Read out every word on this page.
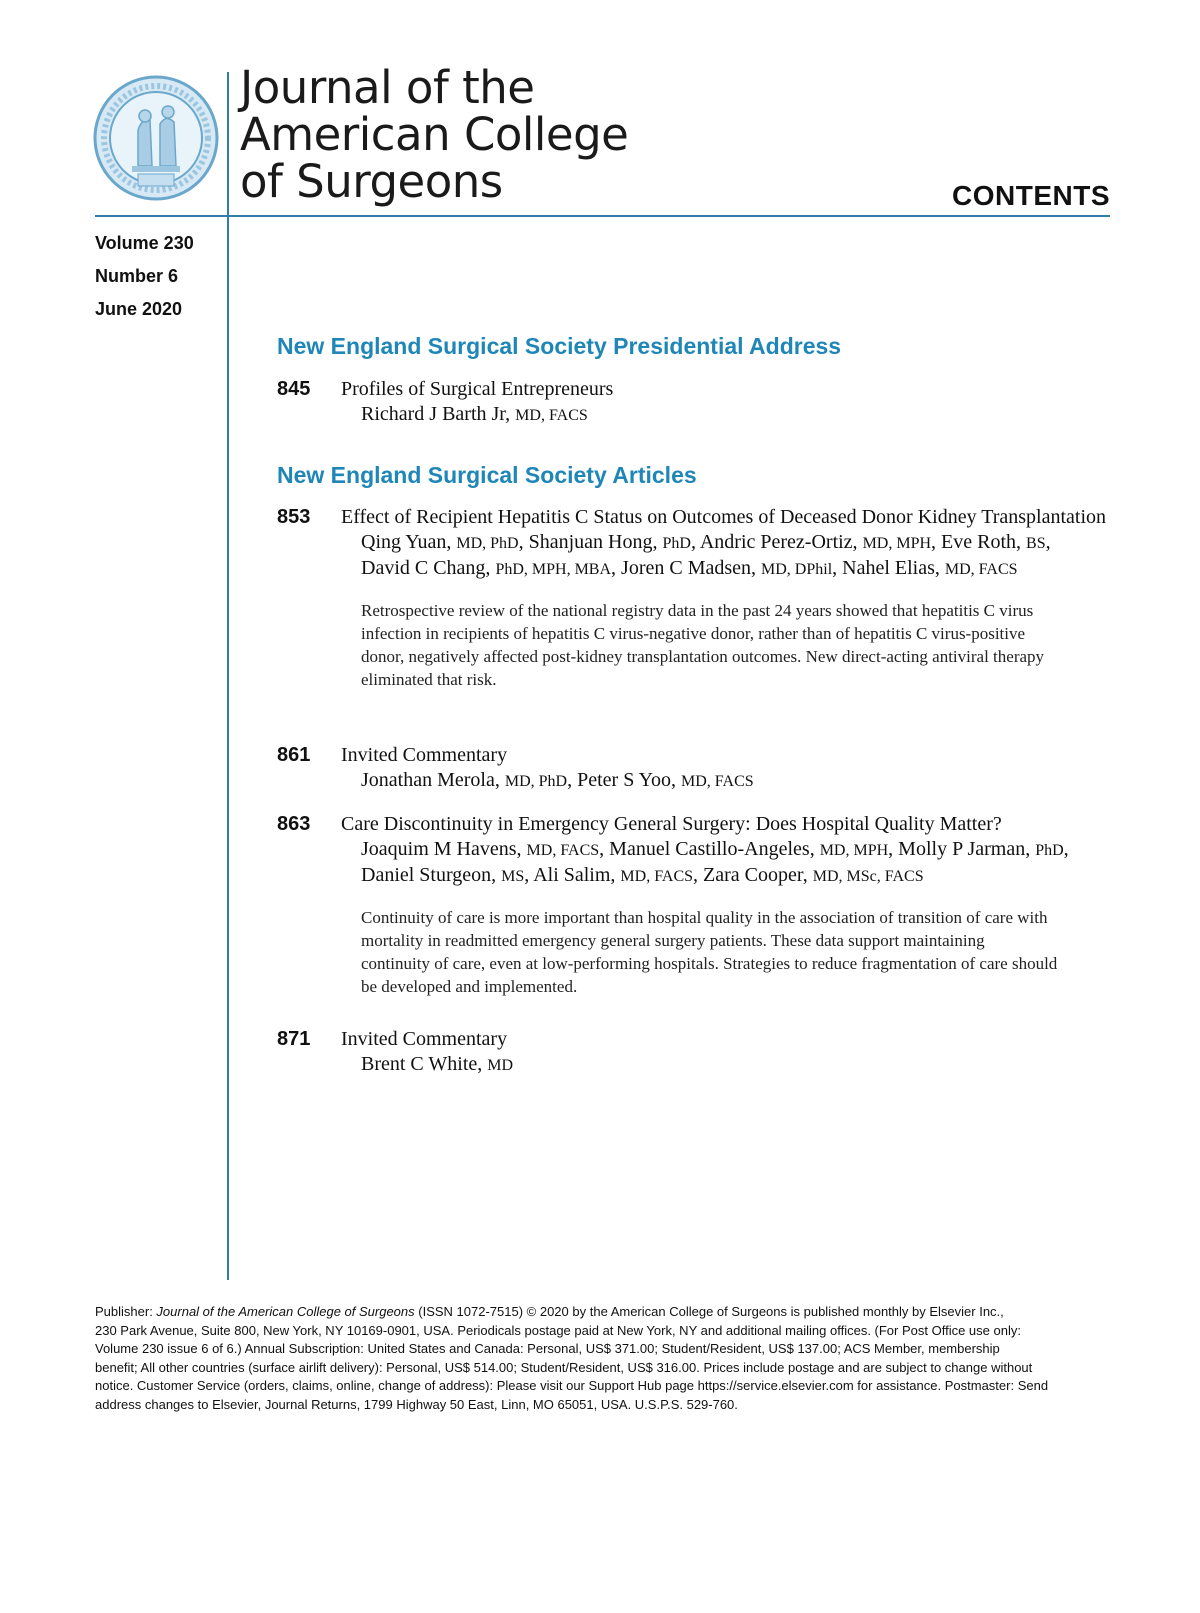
Journal of the
American College
of Surgeons	CONTENTS
Volume 230
Number 6
June 2020
New England Surgical Society Presidential Address
New England Surgical Society Articles
845 Profiles of Surgical Entrepreneurs
Richard J Barth Jr, MD, FACS
853 Effect of Recipient Hepatitis C Status on Outcomes of Deceased Donor Kidney Transplantation
Qing Yuan, MD, PhD, Shanjuan Hong, PhD, Andric Perez-Ortiz, MD, MPH, Eve Roth, BS,
David C Chang, PhD, MPH, MBA, Joren C Madsen, MD, DPhil, Nahel Elias, MD, FACS
Retrospective review of the national registry data in the past 24 years showed that hepatitis C virus
infection in recipients of hepatitis C virus-negative donor, rather than of hepatitis C virus-positive
donor, negatively affected post-kidney transplantation outcomes. New direct-acting antiviral therapy
eliminated that risk.
861 Invited Commentary
Jonathan Merola, MD, PhD, Peter S Yoo, MD, FACS
863 Care Discontinuity in Emergency General Surgery: Does Hospital Quality Matter?
Joaquim M Havens, MD, FACS, Manuel Castillo-Angeles, MD, MPH, Molly P Jarman, PhD,
Daniel Sturgeon, MS, Ali Salim, MD, FACS, Zara Cooper, MD, MSc, FACS
Continuity of care is more important than hospital quality in the association of transition of care with
mortality in readmitted emergency general surgery patients. These data support maintaining
continuity of care, even at low-performing hospitals. Strategies to reduce fragmentation of care should
be developed and implemented.
871 Invited Commentary
Brent C White, MD
Publisher: Journal of the American College of Surgeons (ISSN 1072-7515) © 2020 by the American College of Surgeons is published monthly by Elsevier Inc.,
230 Park Avenue, Suite 800, New York, NY 10169-0901, USA. Periodicals postage paid at New York, NY and additional mailing offices. (For Post Office use only:
Volume 230 issue 6 of 6.) Annual Subscription: United States and Canada: Personal, US$ 371.00; Student/Resident, US$ 137.00; ACS Member, membership
benefit; All other countries (surface airlift delivery): Personal, US$ 514.00; Student/Resident, US$ 316.00. Prices include postage and are subject to change without
notice. Customer Service (orders, claims, online, change of address): Please visit our Support Hub page https://service.elsevier.com for assistance. Postmaster: Send
address changes to Elsevier, Journal Returns, 1799 Highway 50 East, Linn, MO 65051, USA. U.S.P.S. 529-760.
